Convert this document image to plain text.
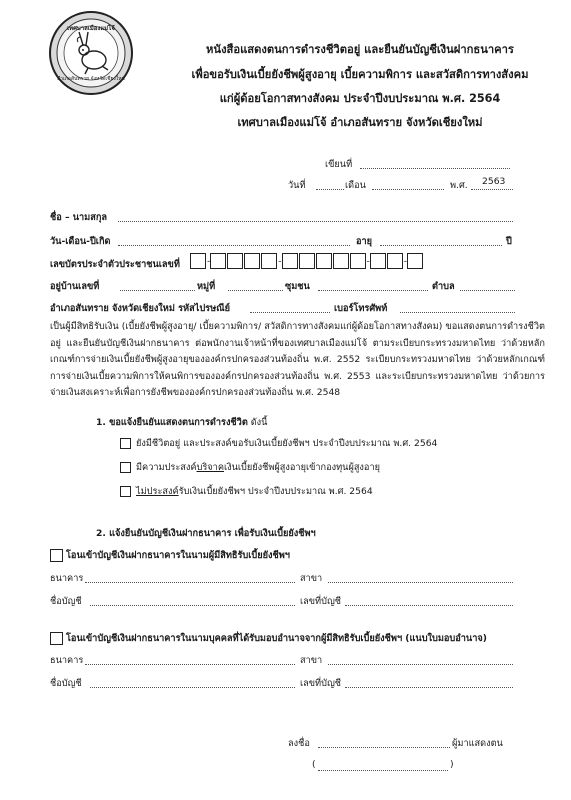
เทศบาลเมืองแม่โจ้
อำเภอสันทราย จังหวัดเชียงใหม่
หนังสือแสดงตนการดำรงชีวิตอยู่ และยืนยันบัญชีเงินฝากธนาคาร
เพื่อขอรับเงินเบี้ยยังชีพผู้สูงอายุ เบี้ยความพิการ และสวัสดิการทางสังคม
แก่ผู้ด้อยโอกาสทางสังคม ประจำปีงบประมาณ พ.ศ. 2564
เทศบาลเมืองแม่โจ้ อำเภอสันทราย จังหวัดเชียงใหม่
เขียนที่
วันที่	เดือน	พ.ศ. 2563
ชื่อ – นามสกุล
วัน-เดือน-ปีเกิด	อายุ	ปี
เลขบัตรประจำตัวประชาชนเลขที่	-	-	-	-
อยู่บ้านเลขที่	หมู่ที่	ซุมชน	ตำบล
อำเภอสันทราย จังหวัดเชียงใหม่ รหัสไปรษณีย์	เบอร์โทรศัพท์
เป็นผู้มีสิทธิรับเงิน (เบี้ยยังชีพผู้สูงอายุ/ เบี้ยความพิการ/ สวัสดิการทางสังคมแก่ผู้ด้อยโอกาสทางสังคม) ขอแสดงตนการดำรงชีวิตอยู่ และยืนยันบัญชีเงินฝากธนาคาร ต่อพนักงานเจ้าหน้าที่ของเทศบาลเมืองแม่โจ้ ตามระเบียบกระทรวงมหาดไทย ว่าด้วยหลักเกณฑ์การจ่ายเงินเบี้ยยังชีพผู้สูงอายุขององค์กรปกครองส่วนท้องถิ่น พ.ศ. 2552 ระเบียบกระทรวงมหาดไทย ว่าด้วยหลักเกณฑ์การจ่ายเงินเบี้ยความพิการให้คนพิการขององค์กรปกครองส่วนท้องถิ่น พ.ศ. 2553 และระเบียบกระทรวงมหาดไทย ว่าด้วยการจ่ายเงินสงเคราะห์เพื่อการยังชีพขององค์กรปกครองส่วนท้องถิ่น พ.ศ. 2548
1. ขอแจ้งยืนยันแสดงตนการดำรงชีวิต ดังนี้
ยังมีชีวิตอยู่ และประสงค์ขอรับเงินเบี้ยยังชีพฯ ประจำปีงบประมาณ พ.ศ. 2564
มีความประสงค์บริจาคเงินเบี้ยยังชีพผู้สูงอายุเข้ากองทุนผู้สูงอายุ
ไม่ประสงค์รับเงินเบี้ยยังชีพฯ ประจำปีงบประมาณ พ.ศ. 2564
2. แจ้งยืนยันบัญชีเงินฝากธนาคาร เพื่อรับเงินเบี้ยยังชีพฯ
โอนเข้าบัญชีเงินฝากธนาคารในนามผู้มีสิทธิรับเบี้ยยังชีพฯ
ธนาคาร	สาขา
ชื่อบัญชี	เลขที่บัญชี
โอนเข้าบัญชีเงินฝากธนาคารในนามบุคคลที่ได้รับมอบอำนาจจากผู้มีสิทธิรับเบี้ยยังชีพฯ (แนบใบมอบอำนาจ)
ธนาคาร	สาขา
ชื่อบัญชี	เลขที่บัญชี
ลงชื่อ	ผู้มาแสดงตน
(	)
